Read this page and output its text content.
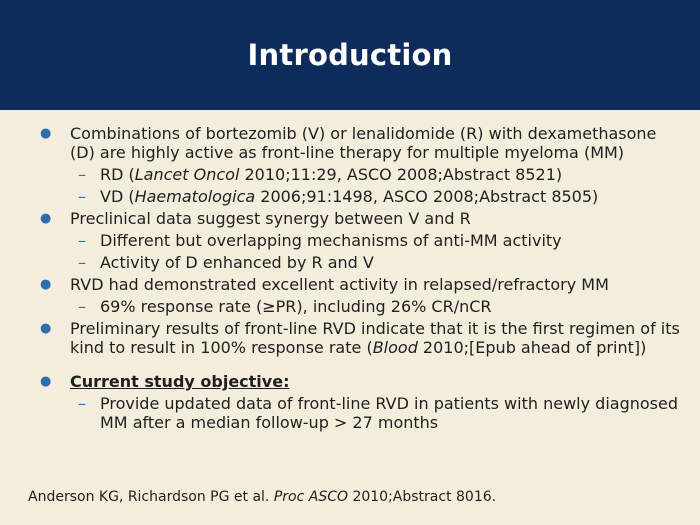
Introduction
●	Combinations of bortezomib (V) or lenalidomide (R) with dexamethasone (D) are highly active as front-line therapy for multiple myeloma (MM)
– RD (Lancet Oncol 2010;11:29, ASCO 2008;Abstract 8521)
– VD (Haematologica 2006;91:1498, ASCO 2008;Abstract 8505)
●	Preclinical data suggest synergy between V and R
– Different but overlapping mechanisms of anti-MM activity
– Activity of D enhanced by R and V
●	RVD had demonstrated excellent activity in relapsed/refractory MM
– 69% response rate (≥PR), including 26% CR/nCR
●	Preliminary results of front-line RVD indicate that it is the first regimen of its kind to result in 100% response rate (Blood 2010;[Epub ahead of print])
●	Current study objective:
– Provide updated data of front-line RVD in patients with newly diagnosed MM after a median follow-up > 27 months
Anderson KG, Richardson PG et al. Proc ASCO 2010;Abstract 8016.
